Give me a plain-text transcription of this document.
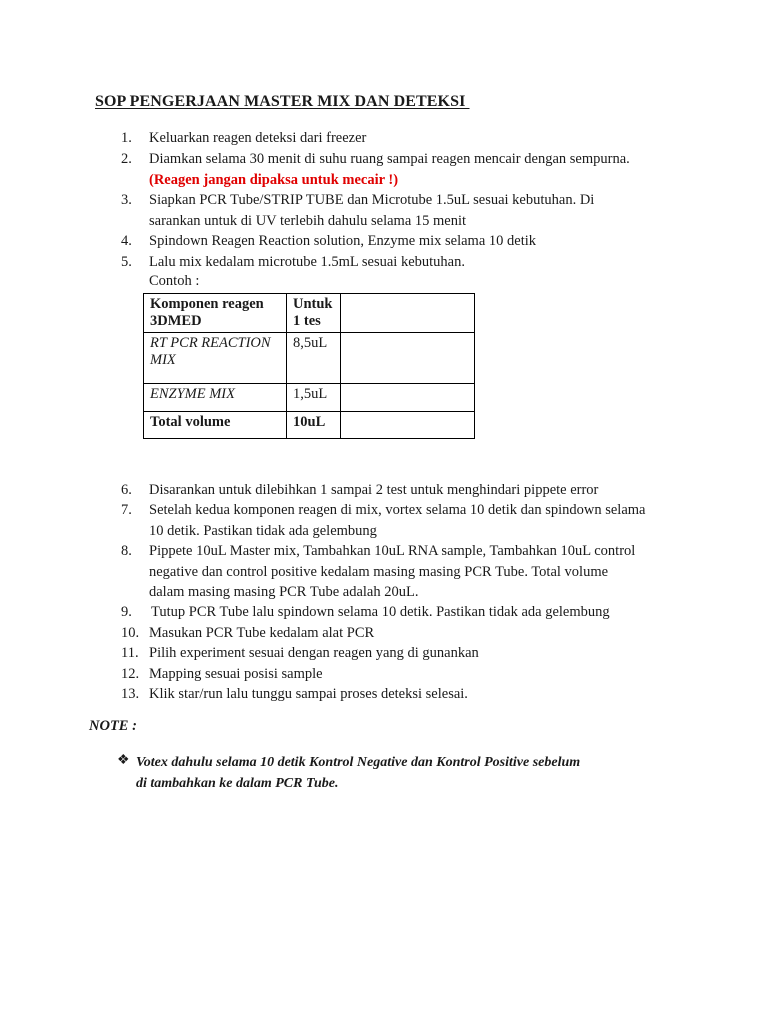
SOP PENGERJAAN MASTER MIX DAN DETEKSI
1. Keluarkan reagen deteksi dari freezer
2. Diamkan selama 30 menit di suhu ruang sampai reagen mencair dengan sempurna.
(Reagen jangan dipaksa untuk mecair !)
3. Siapkan PCR Tube/STRIP TUBE dan Microtube 1.5uL sesuai kebutuhan. Di
sarankan untuk di UV terlebih dahulu selama 15 menit
4. Spindown Reagen Reaction solution, Enzyme mix selama 10 detik
5. Lalu mix kedalam microtube 1.5mL sesuai kebutuhan.
Contoh :
Komponen reagen
3DMED	Untuk
1 tes	
RT PCR REACTION
MIX	8,5uL	
ENZYME MIX	1,5uL	
Total volume	10uL	
6. Disarankan untuk dilebihkan 1 sampai 2 test untuk menghindari pippete error
7. Setelah kedua komponen reagen di mix, vortex selama 10 detik dan spindown selama
10 detik. Pastikan tidak ada gelembung
8. Pippete 10uL Master mix, Tambahkan 10uL RNA sample, Tambahkan 10uL control
negative dan control positive kedalam masing masing PCR Tube. Total volume
dalam masing masing PCR Tube adalah 20uL.
9. Tutup PCR Tube lalu spindown selama 10 detik. Pastikan tidak ada gelembung
10. Masukan PCR Tube kedalam alat PCR
11. Pilih experiment sesuai dengan reagen yang di gunankan
12. Mapping sesuai posisi sample
13. Klik star/run lalu tunggu sampai proses deteksi selesai.
NOTE :
❖ Votex dahulu selama 10 detik Kontrol Negative dan Kontrol Positive sebelum
di tambahkan ke dalam PCR Tube.
